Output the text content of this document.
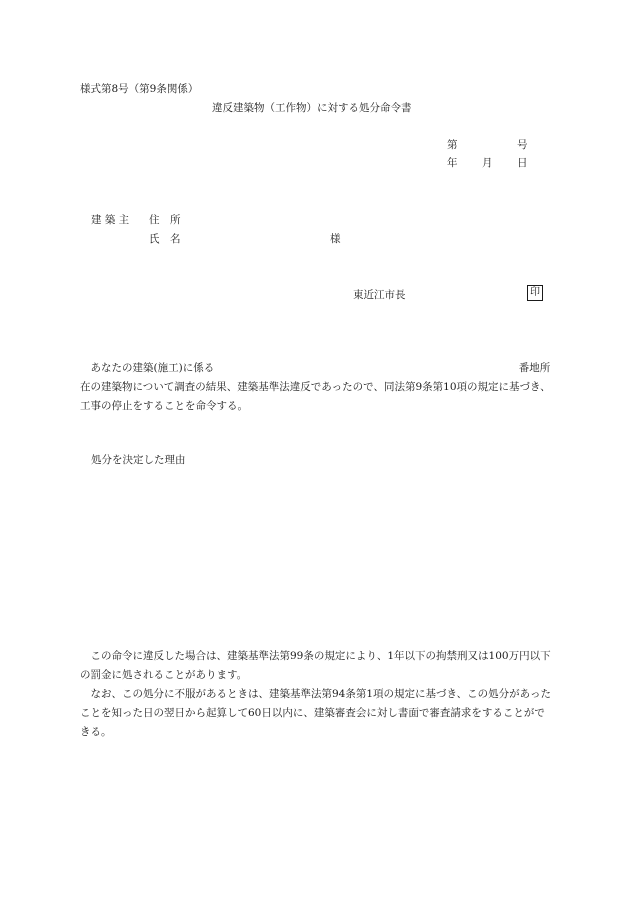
様式第8号（第9条関係）
違反建築物（工作物）に対する処分命令書
第	号
年 月 日
建 築 主 住　所
氏　名	様
東近江市長	印
あなたの建築(施工)に係る　　　　　　　　　　　　　　　　　　　　　　　　　　　　　番地所在の建築物について調査の結果、建築基準法違反であったので、同法第9条第10項の規定に基づき、工事の停止をすることを命令する。
処分を決定した理由
この命令に違反した場合は、建築基準法第99条の規定により、1年以下の拘禁刑又は100万円以下の罰金に処されることがあります。
なお、この処分に不服があるときは、建築基準法第94条第1項の規定に基づき、この処分があったことを知った日の翌日から起算して60日以内に、建築審査会に対し書面で審査請求をすることができる。
